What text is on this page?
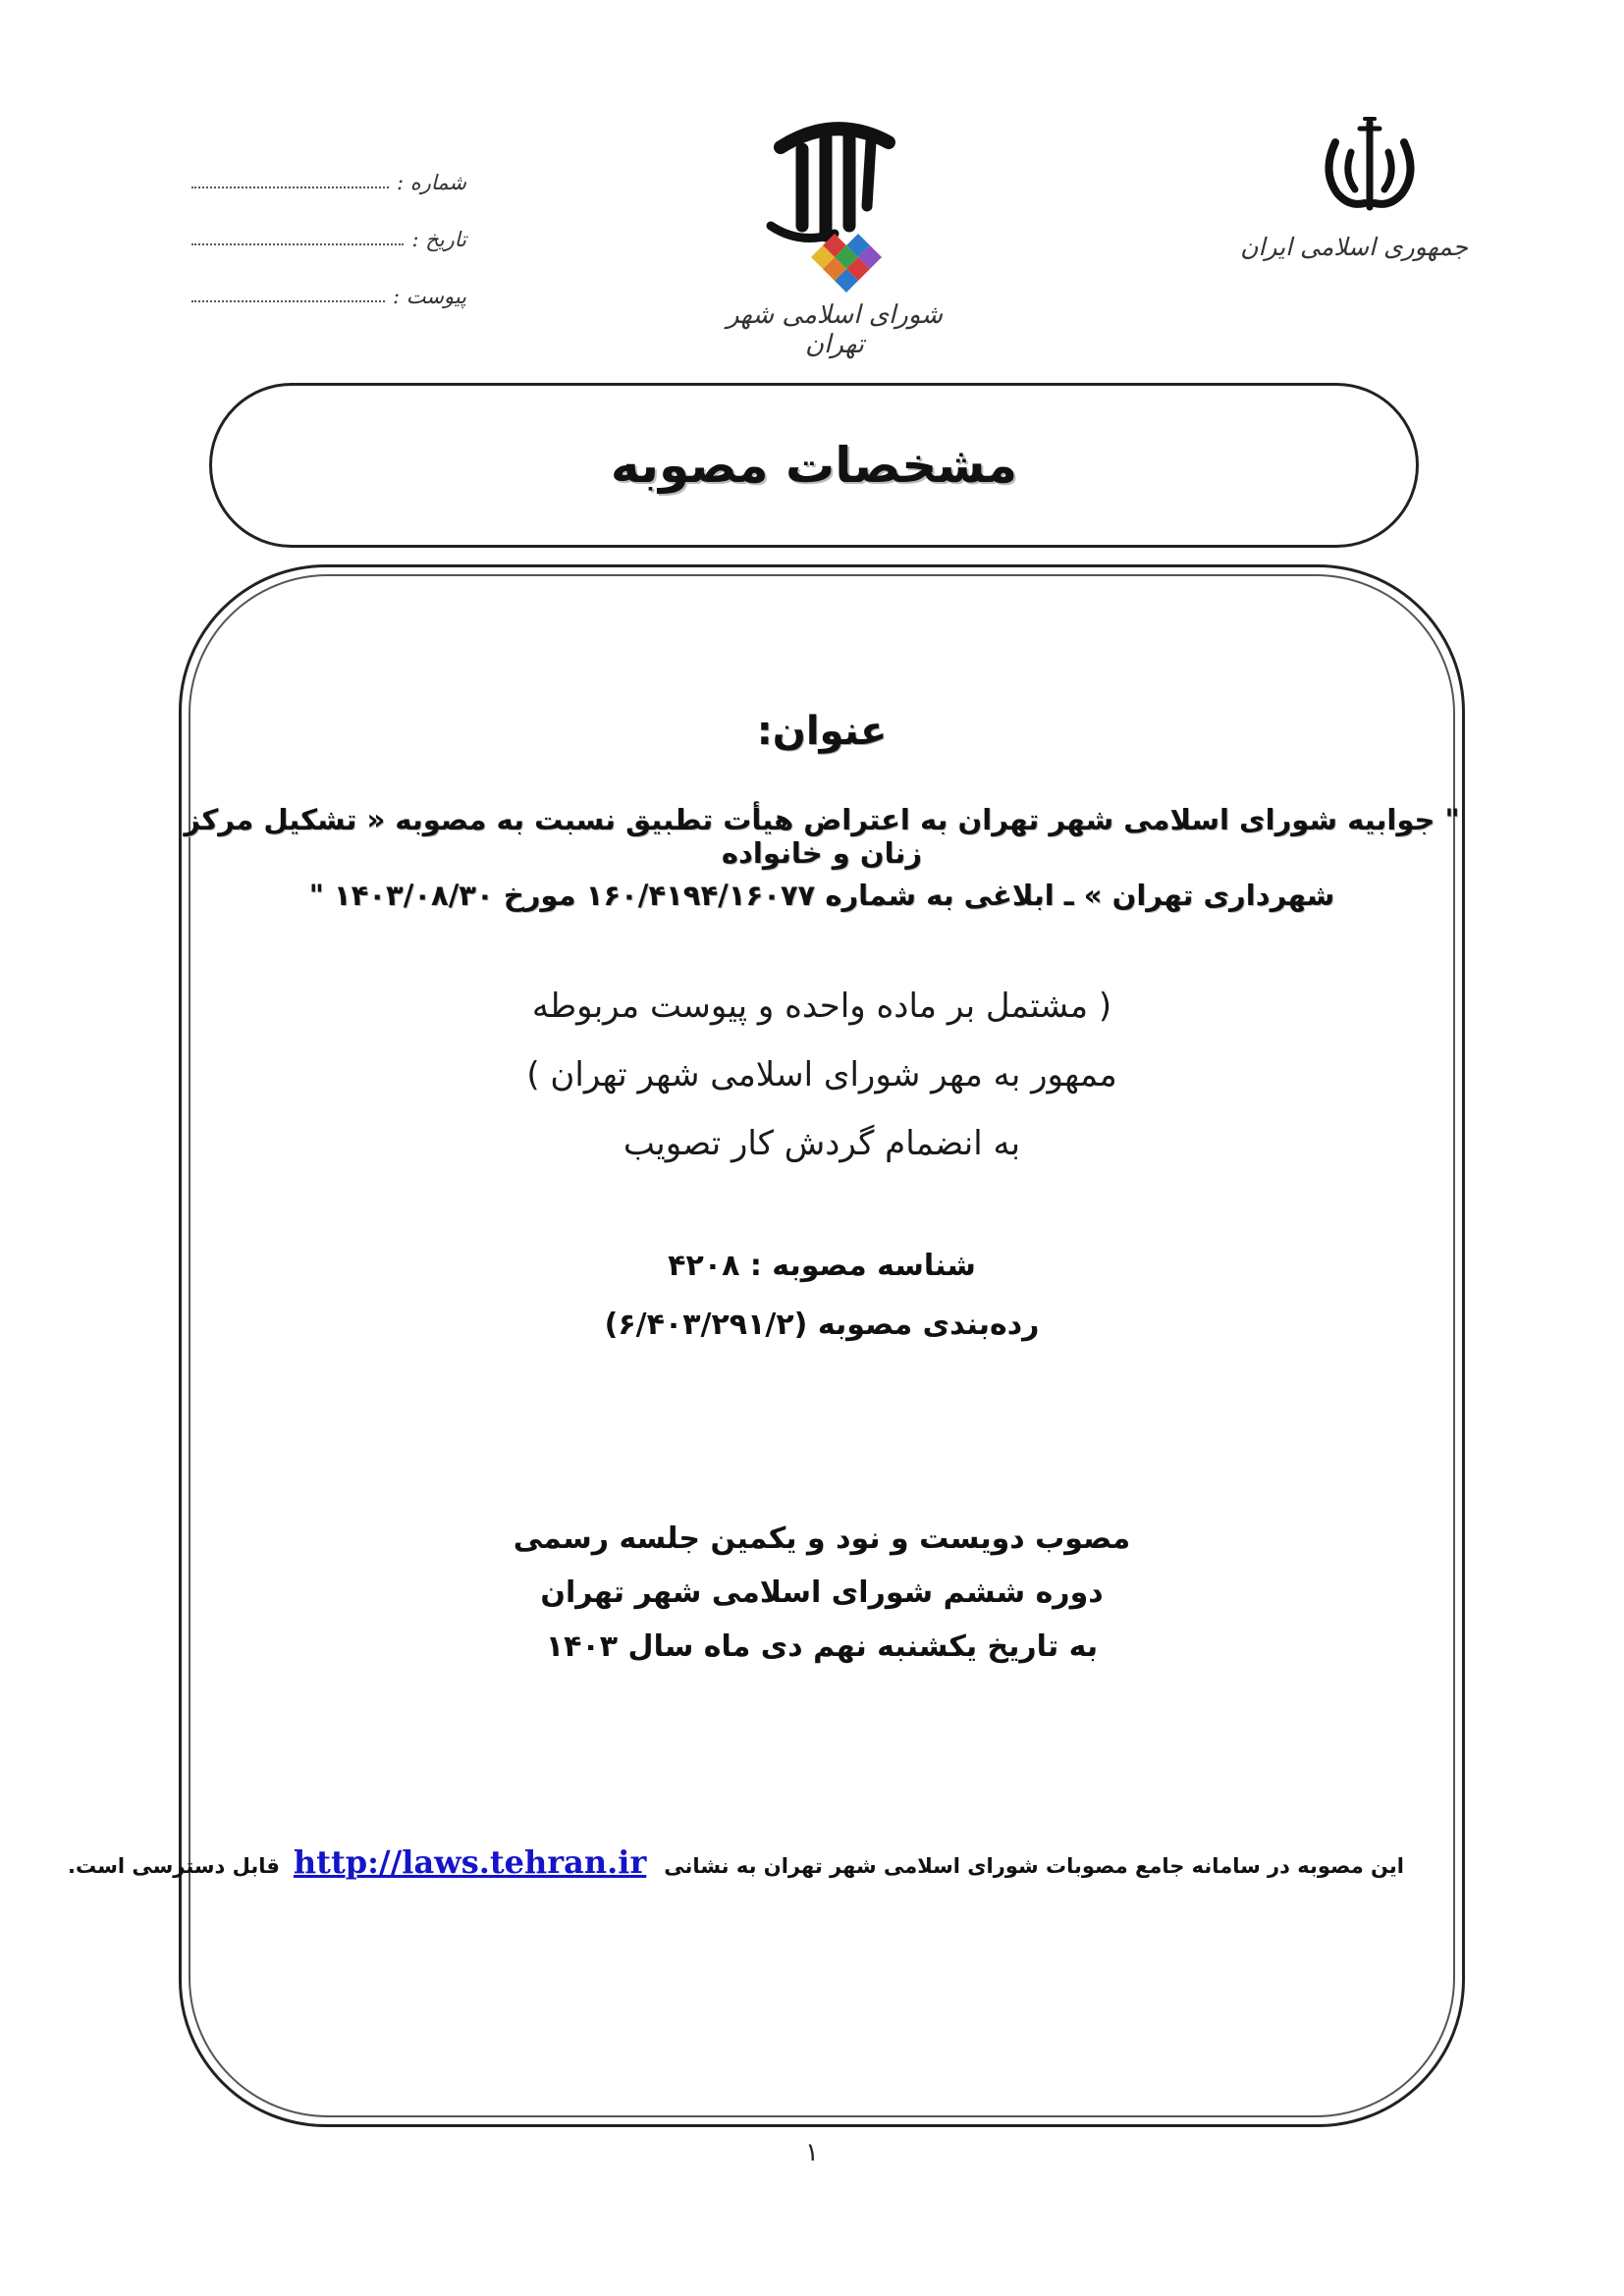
شماره :
تاریخ :
پیوست :
شورای اسلامی شهر تهران
جمهوری اسلامی ایران
مشخصات مصوبه
عنوان:
" جوابیه شورای اسلامی شهر تهران به اعتراض هیأت تطبیق نسبت به مصوبه « تشکیل مرکز زنان و خانواده
شهرداری تهران » ـ ابلاغی به شماره ۱۶۰/۴۱۹۴/۱۶۰۷۷ مورخ ۱۴۰۳/۰۸/۳۰ "
( مشتمل بر ماده واحده و پیوست مربوطه
ممهور به مهر شورای اسلامی شهر تهران )
به انضمام گردش کار تصویب
شناسه مصوبه : ۴۲۰۸
رده‌بندی مصوبه (۶/۴۰۳/۲۹۱/۲)
مصوب دویست و نود و یکمین جلسه رسمی
دوره ششم شورای اسلامی شهر تهران
به تاریخ یکشنبه نهم دی ماه سال ۱۴۰۳
این مصوبه در سامانه جامع مصوبات شورای اسلامی شهر تهران به نشانی
http://laws.tehran.ir
قابل دسترسی است.
۱
